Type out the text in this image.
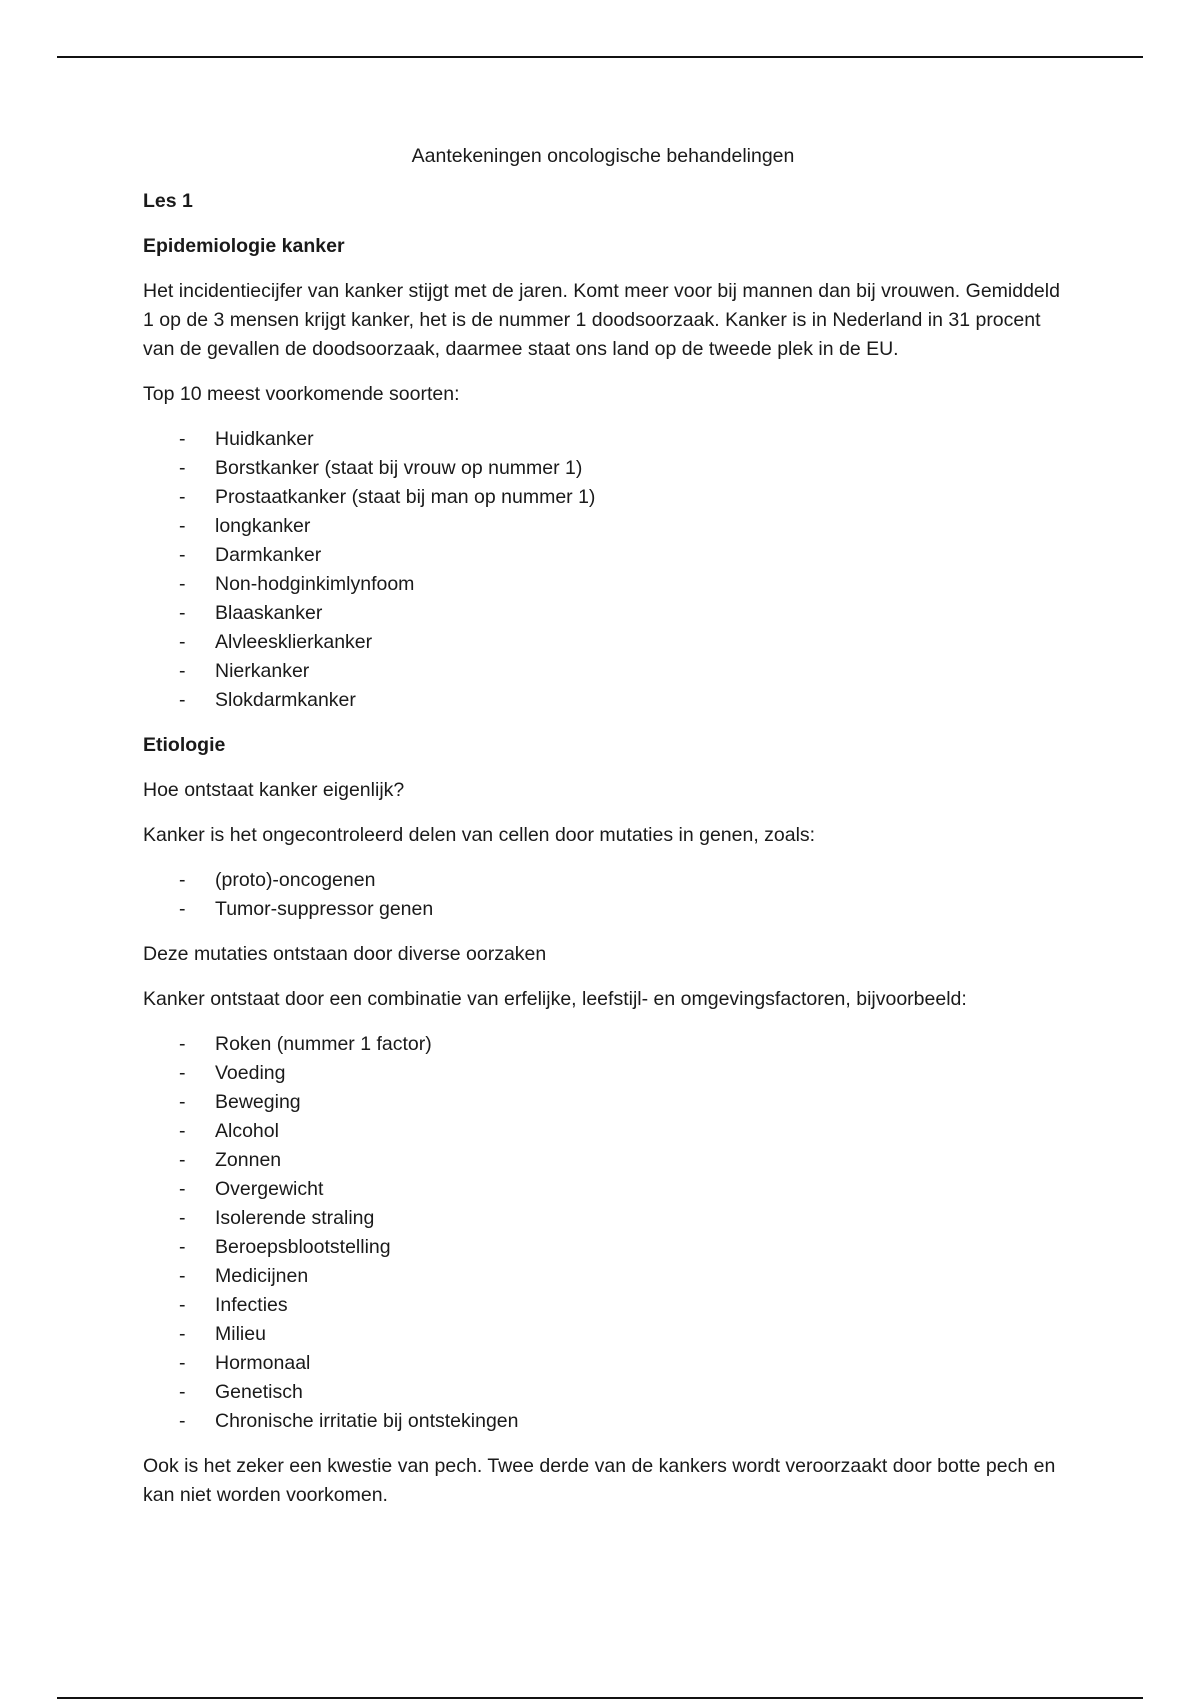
Aantekeningen oncologische behandelingen
Les 1
Epidemiologie kanker

Het incidentiecijfer van kanker stijgt met de jaren. Komt meer voor bij mannen dan bij vrouwen. Gemiddeld 1 op de 3 mensen krijgt kanker, het is de nummer 1 doodsoorzaak. Kanker is in Nederland in 31 procent van de gevallen de doodsoorzaak, daarmee staat ons land op de tweede plek in de EU.

Top 10 meest voorkomende soorten:

- Huidkanker
- Borstkanker (staat bij vrouw op nummer 1)
- Prostaatkanker (staat bij man op nummer 1)
- longkanker
- Darmkanker
- Non-hodginkimlynfoom
- Blaaskanker
- Alvleesklierkanker
- Nierkanker
- Slokdarmkanker
Etiologie

Hoe ontstaat kanker eigenlijk?

Kanker is het ongecontroleerd delen van cellen door mutaties in genen, zoals:

- (proto)-oncogenen
- Tumor-suppressor genen

Deze mutaties ontstaan door diverse oorzaken

Kanker ontstaat door een combinatie van erfelijke, leefstijl- en omgevingsfactoren, bijvoorbeeld:

- Roken (nummer 1 factor)
- Voeding
- Beweging
- Alcohol
- Zonnen
- Overgewicht
- Isolerende straling
- Beroepsblootstelling
- Medicijnen
- Infecties
- Milieu
- Hormonaal
- Genetisch
- Chronische irritatie bij ontstekingen

Ook is het zeker een kwestie van pech. Twee derde van de kankers wordt veroorzaakt door botte pech en kan niet worden voorkomen.
